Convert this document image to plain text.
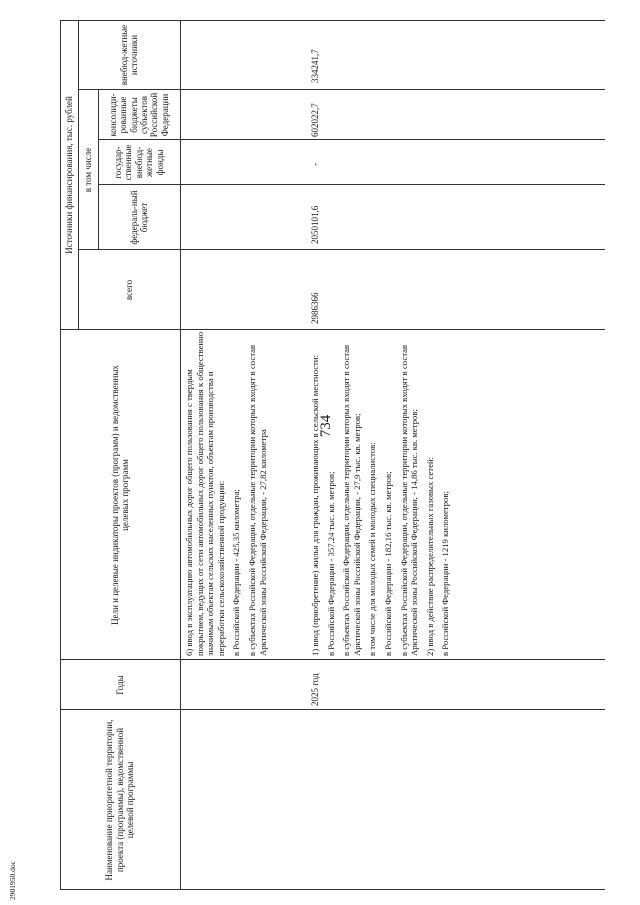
734
2901950.doc
Наименование приоритетной территории, проекта (программы), ведомственной целевой программы
Годы
Цели и целевые индикаторы проектов (программ) и ведомственных целевых программ
Источники финансирования, тыс. рублей
всего
в том числе
федераль-ный бюджет
государ-ственные внебюд-жетные фонды
консолиди-рованные бюджеты субъектов Российской Федерации
внебюд-жетные источники

6) ввод в эксплуатацию автомобильных дорог общего пользования с твердым покрытием, ведущих от сети автомобильных дорог общего пользования к общественно значимым объектам сельских населенных пунктов, объектам производства и переработки сельскохозяйственной продукции: в Российской Федерации - 425,35 километра; в субъектах Российской Федерации, отдельные территории которых входят в состав Арктической зоны Российской Федерации, - 27,82 километра

2025 год

1) ввод (приобретение) жилья для граждан, проживающих в сельской местности: в Российской Федерации - 357,24 тыс. кв. метров; в субъектах Российской Федерации, отдельные территории которых входят в состав Арктической зоны Российской Федерации, - 27,9 тыс. кв. метров; в том числе для молодых семей и молодых специалистов: в Российской Федерации - 182,16 тыс. кв. метров; в субъектах Российской Федерации, отдельные территории которых входят в состав Арктической зоны Российской Федерации, - 14,86 тыс. кв. метров; 2) ввод в действие распределительных газовых сетей: в Российской Федерации - 1219 километров;

2986366
2050101,6
-
602022,7
334241,7
